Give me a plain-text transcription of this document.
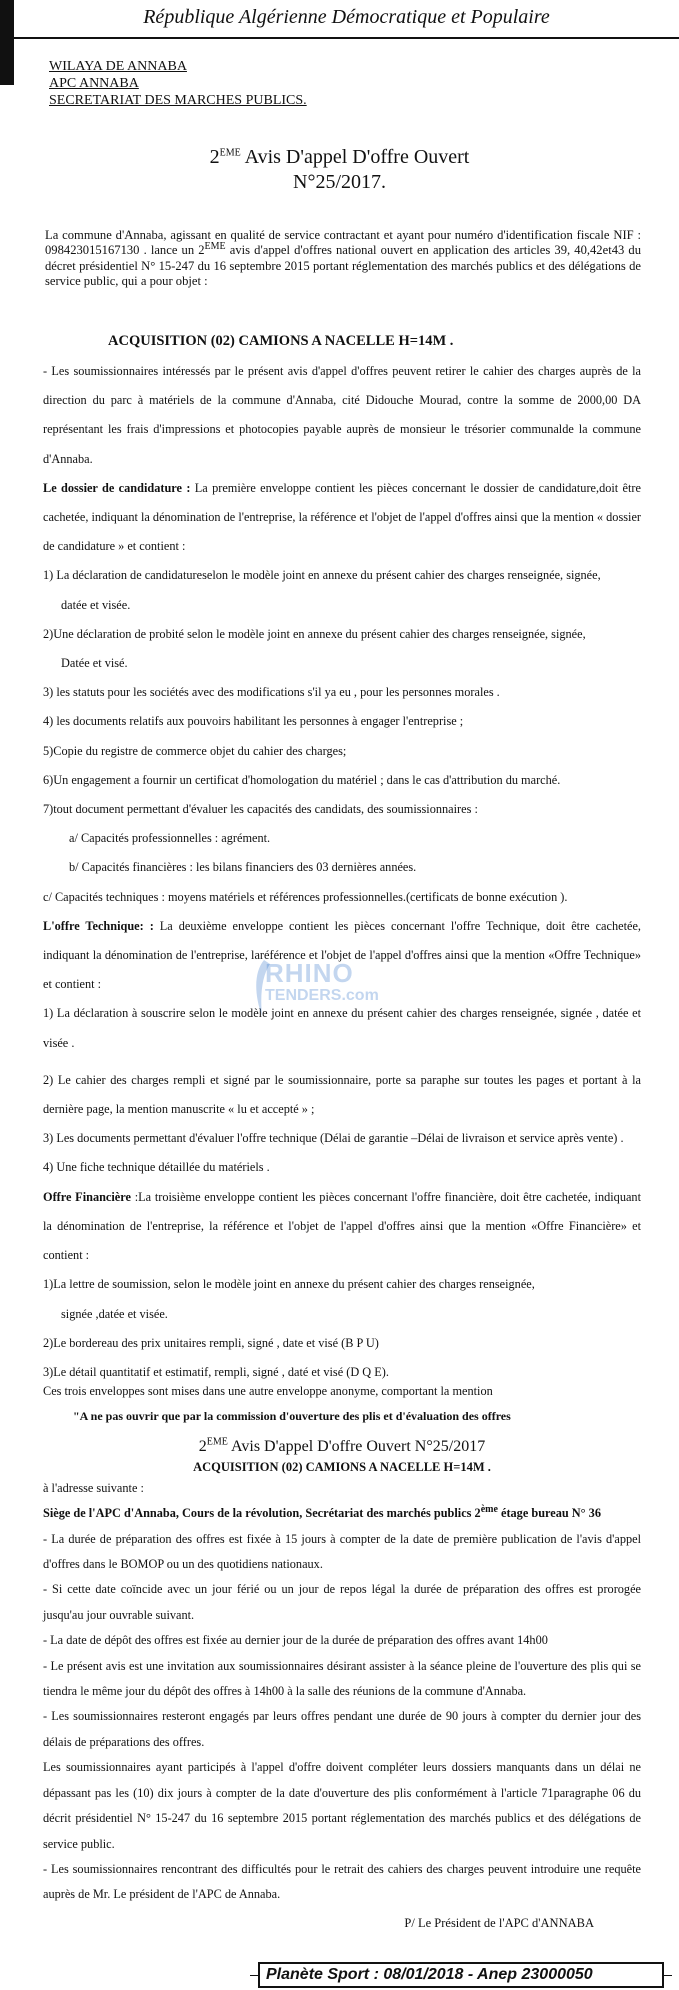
République Algérienne Démocratique et Populaire
WILAYA DE ANNABA
APC ANNABA
SECRETARIAT DES MARCHES PUBLICS.
2EME Avis D'appel D'offre Ouvert
N°25/2017.
La commune d'Annaba, agissant en qualité de service contractant et ayant pour numéro d'identification fiscale NIF : 098423015167130 . lance un 2EME avis d'appel d'offres national ouvert en application des articles 39, 40,42et43 du décret présidentiel N° 15-247 du 16 septembre 2015 portant réglementation des marchés publics et des délégations de service public, qui a pour objet :
ACQUISITION (02) CAMIONS A NACELLE H=14M .

- Les soumissionnaires intéressés par le présent avis d'appel d'offres peuvent retirer le cahier des charges auprès de la direction du parc à matériels de la commune d'Annaba, cité Didouche Mourad, contre la somme de 2000,00 DA représentant les frais d'impressions et photocopies payable auprès de monsieur le trésorier communalde la commune d'Annaba.

Le dossier de candidature : La première enveloppe contient les pièces concernant le dossier de candidature,doit être cachetée, indiquant la dénomination de l'entreprise, la référence et l'objet de l'appel d'offres ainsi que la mention « dossier de candidature » et contient :

1) La déclaration de candidatureselon le modèle joint en annexe du présent cahier des charges renseignée, signée,

datée et visée.

2)Une déclaration de probité selon le modèle joint en annexe du présent cahier des charges renseignée, signée,

Datée et visé.

3) les statuts pour les sociétés avec des modifications s'il ya eu , pour les personnes morales .

4) les documents relatifs aux pouvoirs habilitant les personnes à engager l'entreprise ;

5)Copie du registre de commerce objet du cahier des charges;

6)Un engagement a fournir un certificat d'homologation du matériel ; dans le cas d'attribution du marché.

7)tout document permettant d'évaluer les capacités des candidats, des soumissionnaires :

a/ Capacités professionnelles : agrément.

b/ Capacités financières : les bilans financiers des 03 dernières années.

c/ Capacités techniques : moyens matériels et références professionnelles.(certificats de bonne exécution ).

L'offre Technique: : La deuxième enveloppe contient les pièces concernant l'offre Technique, doit être cachetée, indiquant la dénomination de l'entreprise, laréférence et l'objet de l'appel d'offres ainsi que la mention «Offre Technique» et contient :

1) La déclaration à souscrire selon le modèle joint en annexe du présent cahier des charges renseignée, signée , datée et visée .

2) Le cahier des charges rempli et signé par le soumissionnaire, porte sa paraphe sur toutes les pages et portant à la dernière page, la mention manuscrite « lu et accepté » ;

3) Les documents permettant d'évaluer l'offre technique (Délai de garantie –Délai de livraison et service après vente) .

4) Une fiche technique détaillée du matériels .

Offre Financière :La troisième enveloppe contient les pièces concernant l'offre financière, doit être cachetée, indiquant la dénomination de l'entreprise, la référence et l'objet de l'appel d'offres ainsi que la mention «Offre Financière» et contient :

1)La lettre de soumission, selon le modèle joint en annexe du présent cahier des charges renseignée,

signée ,datée et visée.

2)Le bordereau des prix unitaires rempli, signé , date et visé (B P U)

3)Le détail quantitatif et estimatif, rempli, signé , daté et visé (D Q E).

Ces trois enveloppes sont mises dans une autre enveloppe anonyme, comportant la mention

"A ne pas ouvrir que par la commission d'ouverture des plis et d'évaluation des offres

2EME Avis D'appel D'offre Ouvert N°25/2017
ACQUISITION (02) CAMIONS A NACELLE H=14M .

à l'adresse suivante :

Siège de l'APC d'Annaba, Cours de la révolution, Secrétariat des marchés publics 2ème étage bureau N° 36

- La durée de préparation des offres est fixée à 15 jours à compter de la date de première publication de l'avis d'appel d'offres dans le BOMOP ou un des quotidiens nationaux.

- Si cette date coïncide avec un jour férié ou un jour de repos légal la durée de préparation des offres est prorogée jusqu'au jour ouvrable suivant.

- La date de dépôt des offres est fixée au dernier jour de la durée de préparation des offres avant 14h00

- Le présent avis est une invitation aux soumissionnaires désirant assister à la séance pleine de l'ouverture des plis qui se tiendra le même jour du dépôt des offres à 14h00 à la salle des réunions de la commune d'Annaba.

- Les soumissionnaires resteront engagés par leurs offres pendant une durée de 90 jours à compter du dernier jour des délais de préparations des offres.

Les soumissionnaires ayant participés à l'appel d'offre doivent compléter leurs dossiers manquants dans un délai ne dépassant pas les (10) dix jours à compter de la date d'ouverture des plis conformément à l'article 71paragraphe 06 du décrit présidentiel N° 15-247 du 16 septembre 2015 portant réglementation des marchés publics et des délégations de service public.

- Les soumissionnaires rencontrant des difficultés pour le retrait des cahiers des charges peuvent introduire une requête auprès de Mr. Le président de l'APC de Annaba.

P/ Le Président de l'APC d'ANNABA
Planète Sport : 08/01/2018 - Anep 23000050
RHINO
TENDERS.com
